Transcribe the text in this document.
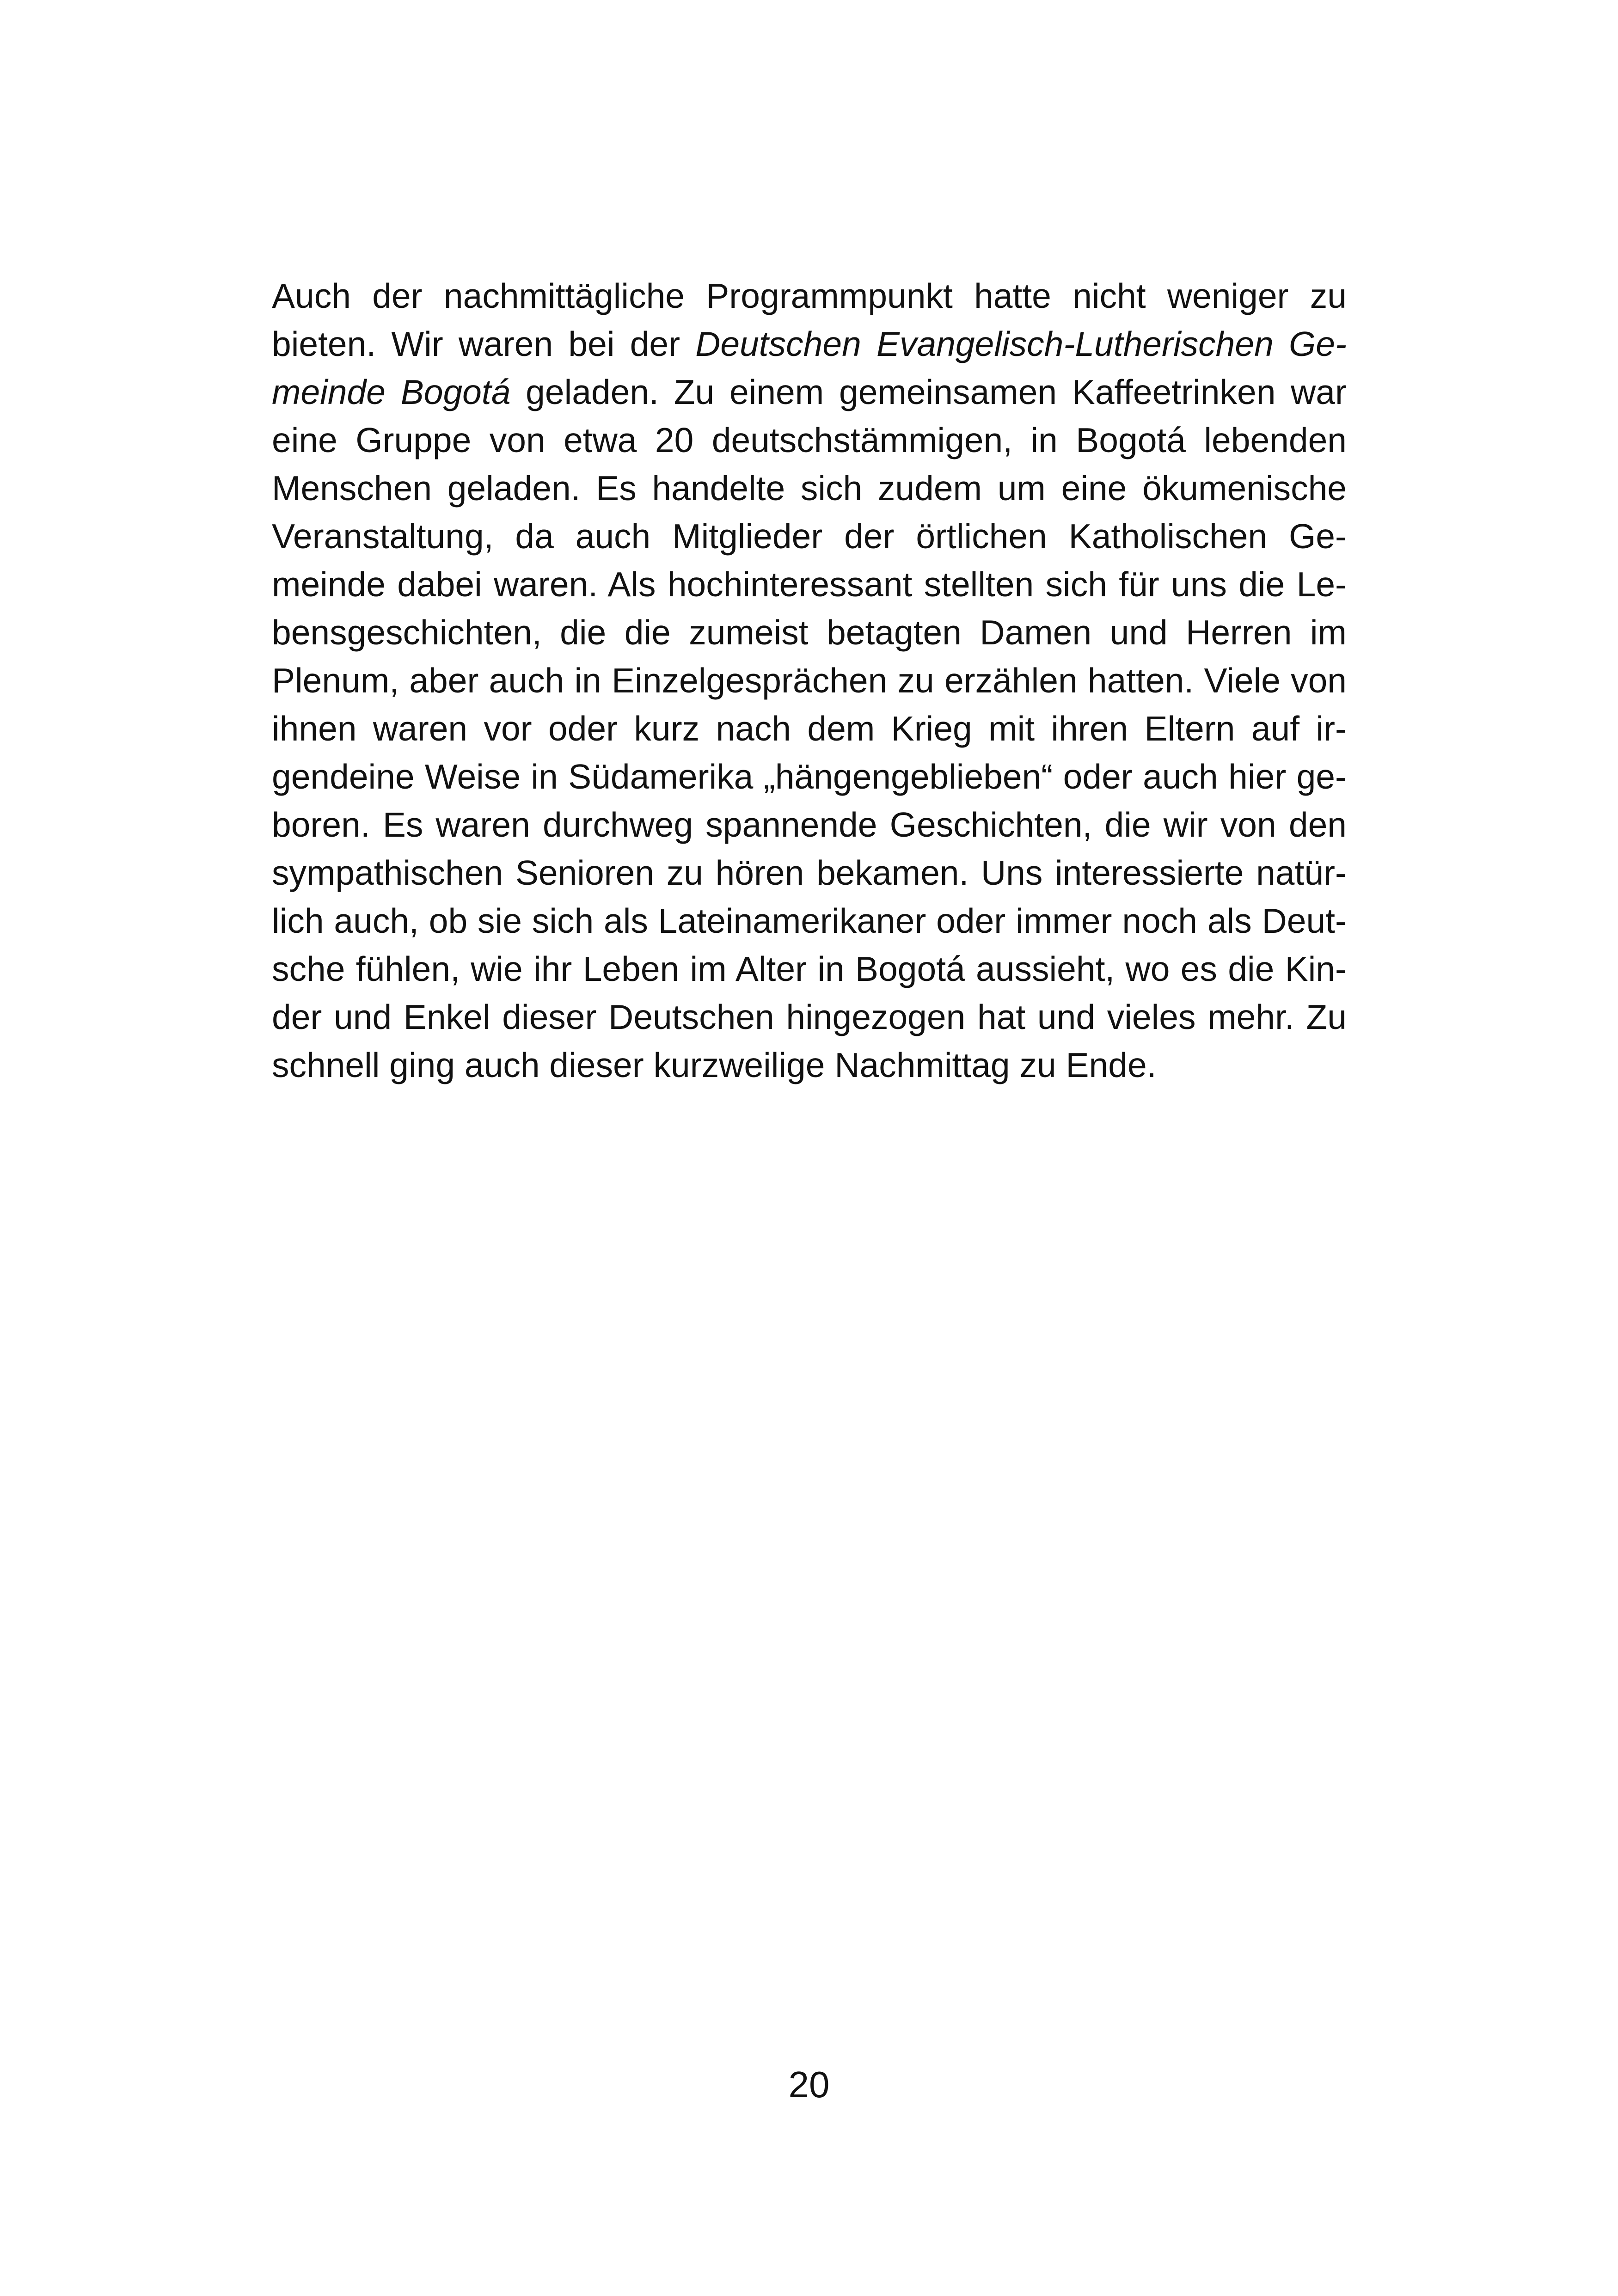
Auch der nachmittägliche Programmpunkt hatte nicht weniger zu
bieten. Wir waren bei der Deutschen Evangelisch-Lutherischen Ge-
meinde Bogotá geladen. Zu einem gemeinsamen Kaffeetrinken war
eine Gruppe von etwa 20 deutschstämmigen, in Bogotá lebenden
Menschen geladen. Es handelte sich zudem um eine ökumenische
Veranstaltung, da auch Mitglieder der örtlichen Katholischen Ge-
meinde dabei waren. Als hochinteressant stellten sich für uns die Le-
bensgeschichten, die die zumeist betagten Damen und Herren im
Plenum, aber auch in Einzelgesprächen zu erzählen hatten. Viele von
ihnen waren vor oder kurz nach dem Krieg mit ihren Eltern auf ir-
gendeine Weise in Südamerika „hängengeblieben“ oder auch hier ge-
boren. Es waren durchweg spannende Geschichten, die wir von den
sympathischen Senioren zu hören bekamen. Uns interessierte natür-
lich auch, ob sie sich als Lateinamerikaner oder immer noch als Deut-
sche fühlen, wie ihr Leben im Alter in Bogotá aussieht, wo es die Kin-
der und Enkel dieser Deutschen hingezogen hat und vieles mehr. Zu
schnell ging auch dieser kurzweilige Nachmittag zu Ende.
20
